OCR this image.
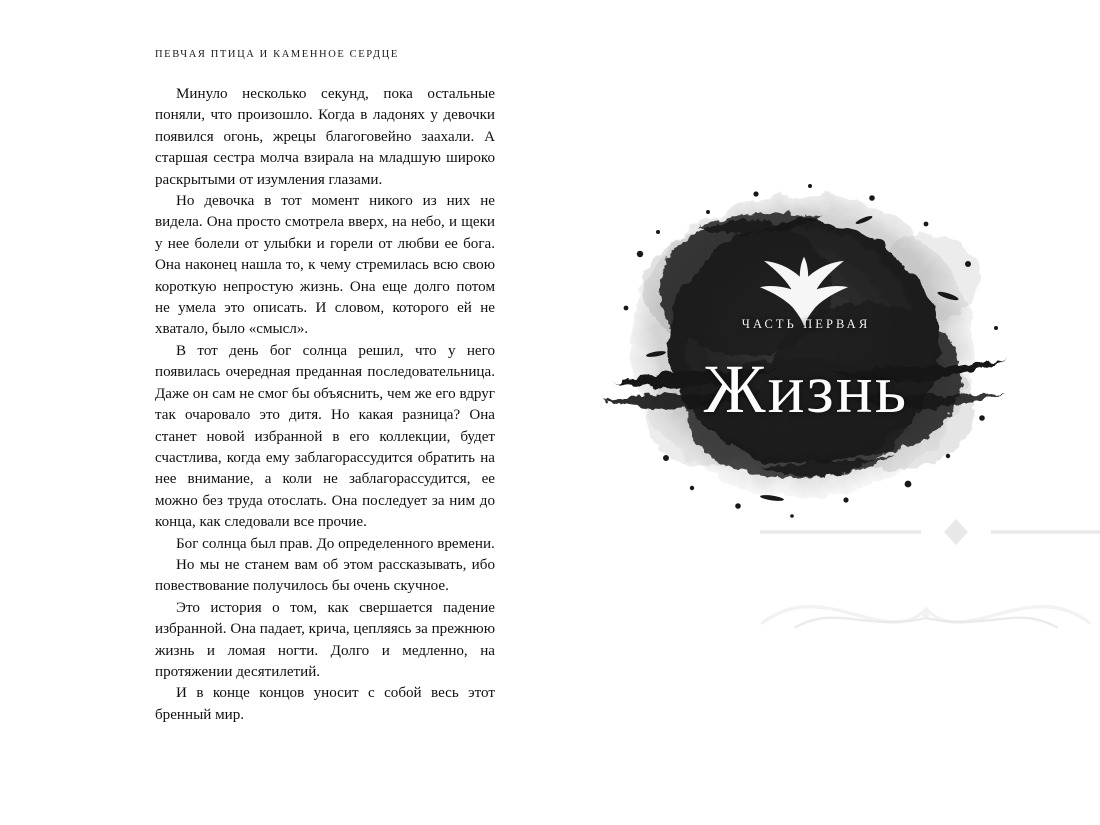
ПЕВЧАЯ ПТИЦА И КАМЕННОЕ СЕРДЦЕ

Минуло несколько секунд, пока остальные поняли, что произошло. Когда в ладонях у девочки появился огонь, жрецы благоговейно заахали. А старшая сестра молча взирала на младшую широко раскрытыми от изумления глазами.

Но девочка в тот момент никого из них не видела. Она просто смотрела вверх, на небо, и щеки у нее болели от улыбки и горели от любви ее бога. Она наконец нашла то, к чему стремилась всю свою короткую непростую жизнь. Она еще долго потом не умела это описать. И словом, которого ей не хватало, было «смысл».

В тот день бог солнца решил, что у него появилась очередная преданная последовательница. Даже он сам не смог бы объяснить, чем же его вдруг так очаровало это дитя. Но какая разница? Она станет новой избранной в его коллекции, будет счастлива, когда ему заблагорассудится обратить на нее внимание, а коли не заблагорассудится, ее можно без труда отослать. Она последует за ним до конца, как следовали все прочие.

Бог солнца был прав. До определенного времени.

Но мы не станем вам об этом рассказывать, ибо повествование получилось бы очень скучное.

Это история о том, как свершается падение избранной. Она падает, крича, цепляясь за прежнюю жизнь и ломая ногти. Долго и медленно, на протяжении десятилетий.

И в конце концов уносит с собой весь этот бренный мир.

ЧАСТЬ ПЕРВАЯ
Жизнь
